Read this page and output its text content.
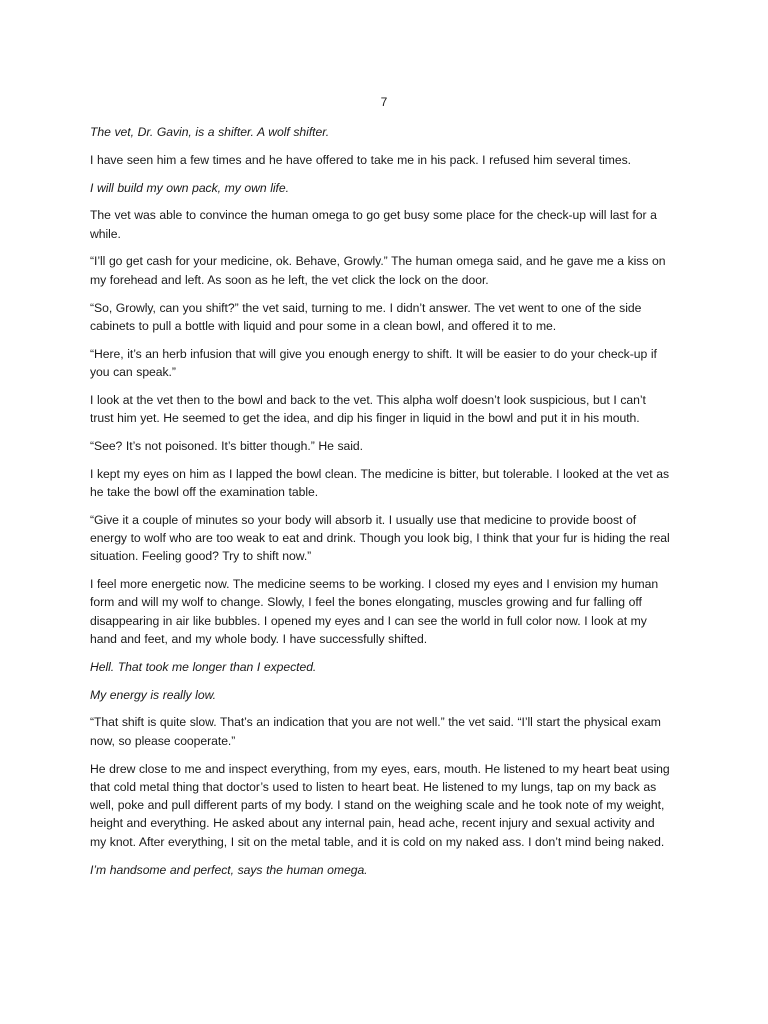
7

The vet, Dr. Gavin, is a shifter. A wolf shifter.

I have seen him a few times and he have offered to take me in his pack. I refused him several times.

I will build my own pack, my own life.

The vet was able to convince the human omega to go get busy some place for the check-up will last for a while.

“I’ll go get cash for your medicine, ok. Behave, Growly.” The human omega said, and he gave me a kiss on my forehead and left. As soon as he left, the vet click the lock on the door.

“So, Growly, can you shift?” the vet said, turning to me. I didn’t answer. The vet went to one of the side cabinets to pull a bottle with liquid and pour some in a clean bowl, and offered it to me.

“Here, it’s an herb infusion that will give you enough energy to shift. It will be easier to do your check-up if you can speak.”

I look at the vet then to the bowl and back to the vet. This alpha wolf doesn’t look suspicious, but I can’t trust him yet. He seemed to get the idea, and dip his finger in liquid in the bowl and put it in his mouth.

“See? It’s not poisoned. It’s bitter though.” He said.

I kept my eyes on him as I lapped the bowl clean. The medicine is bitter, but tolerable. I looked at the vet as he take the bowl off the examination table.

“Give it a couple of minutes so your body will absorb it. I usually use that medicine to provide boost of energy to wolf who are too weak to eat and drink. Though you look big, I think that your fur is hiding the real situation. Feeling good? Try to shift now.”

I feel more energetic now. The medicine seems to be working. I closed my eyes and I envision my human form and will my wolf to change. Slowly, I feel the bones elongating, muscles growing and fur falling off disappearing in air like bubbles. I opened my eyes and I can see the world in full color now. I look at my hand and feet, and my whole body. I have successfully shifted.

Hell. That took me longer than I expected.

My energy is really low.

“That shift is quite slow. That’s an indication that you are not well.” the vet said. “I’ll start the physical exam now, so please cooperate.”

He drew close to me and inspect everything, from my eyes, ears, mouth. He listened to my heart beat using that cold metal thing that doctor’s used to listen to heart beat. He listened to my lungs, tap on my back as well, poke and pull different parts of my body. I stand on the weighing scale and he took note of my weight, height and everything. He asked about any internal pain, head ache, recent injury and sexual activity and my knot. After everything, I sit on the metal table, and it is cold on my naked ass. I don’t mind being naked.

I’m handsome and perfect, says the human omega.
